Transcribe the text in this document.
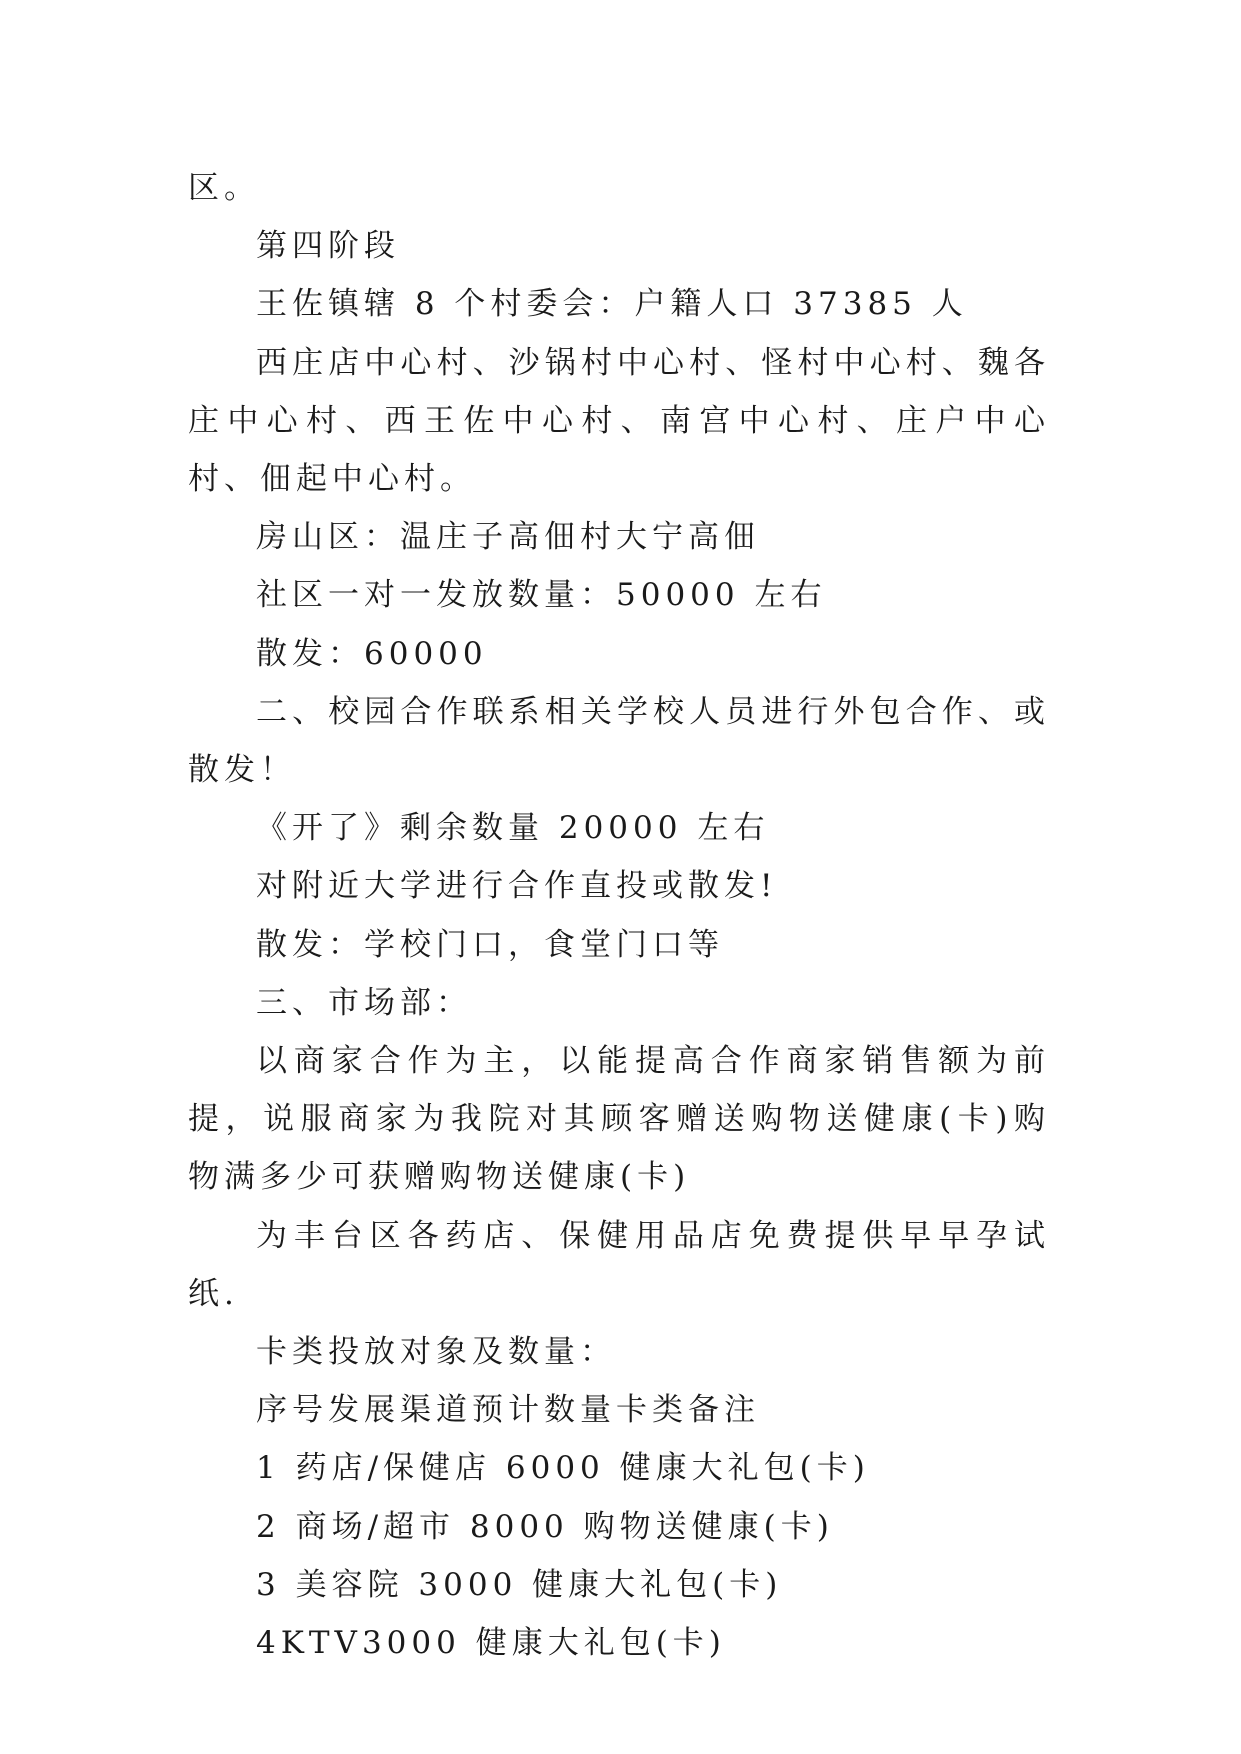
区。

第四阶段

王佐镇辖 8 个村委会：户籍人口 37385 人

西庄店中心村、沙锅村中心村、怪村中心村、魏各庄中心村、西王佐中心村、南宫中心村、庄户中心村、佃起中心村。

房山区：温庄子高佃村大宁高佃

社区一对一发放数量：50000 左右

散发：60000

二、校园合作联系相关学校人员进行外包合作、或散发！

《开了》剩余数量 20000 左右

对附近大学进行合作直投或散发!

散发：学校门口，食堂门口等

三、市场部：

以商家合作为主，以能提高合作商家销售额为前提，说服商家为我院对其顾客赠送购物送健康(卡)购物满多少可获赠购物送健康(卡)

为丰台区各药店、保健用品店免费提供早早孕试纸.

卡类投放对象及数量：

序号发展渠道预计数量卡类备注

1 药店/保健店 6000 健康大礼包(卡)

2 商场/超市 8000 购物送健康(卡)

3 美容院 3000 健康大礼包(卡)

4KTV3000 健康大礼包(卡)
